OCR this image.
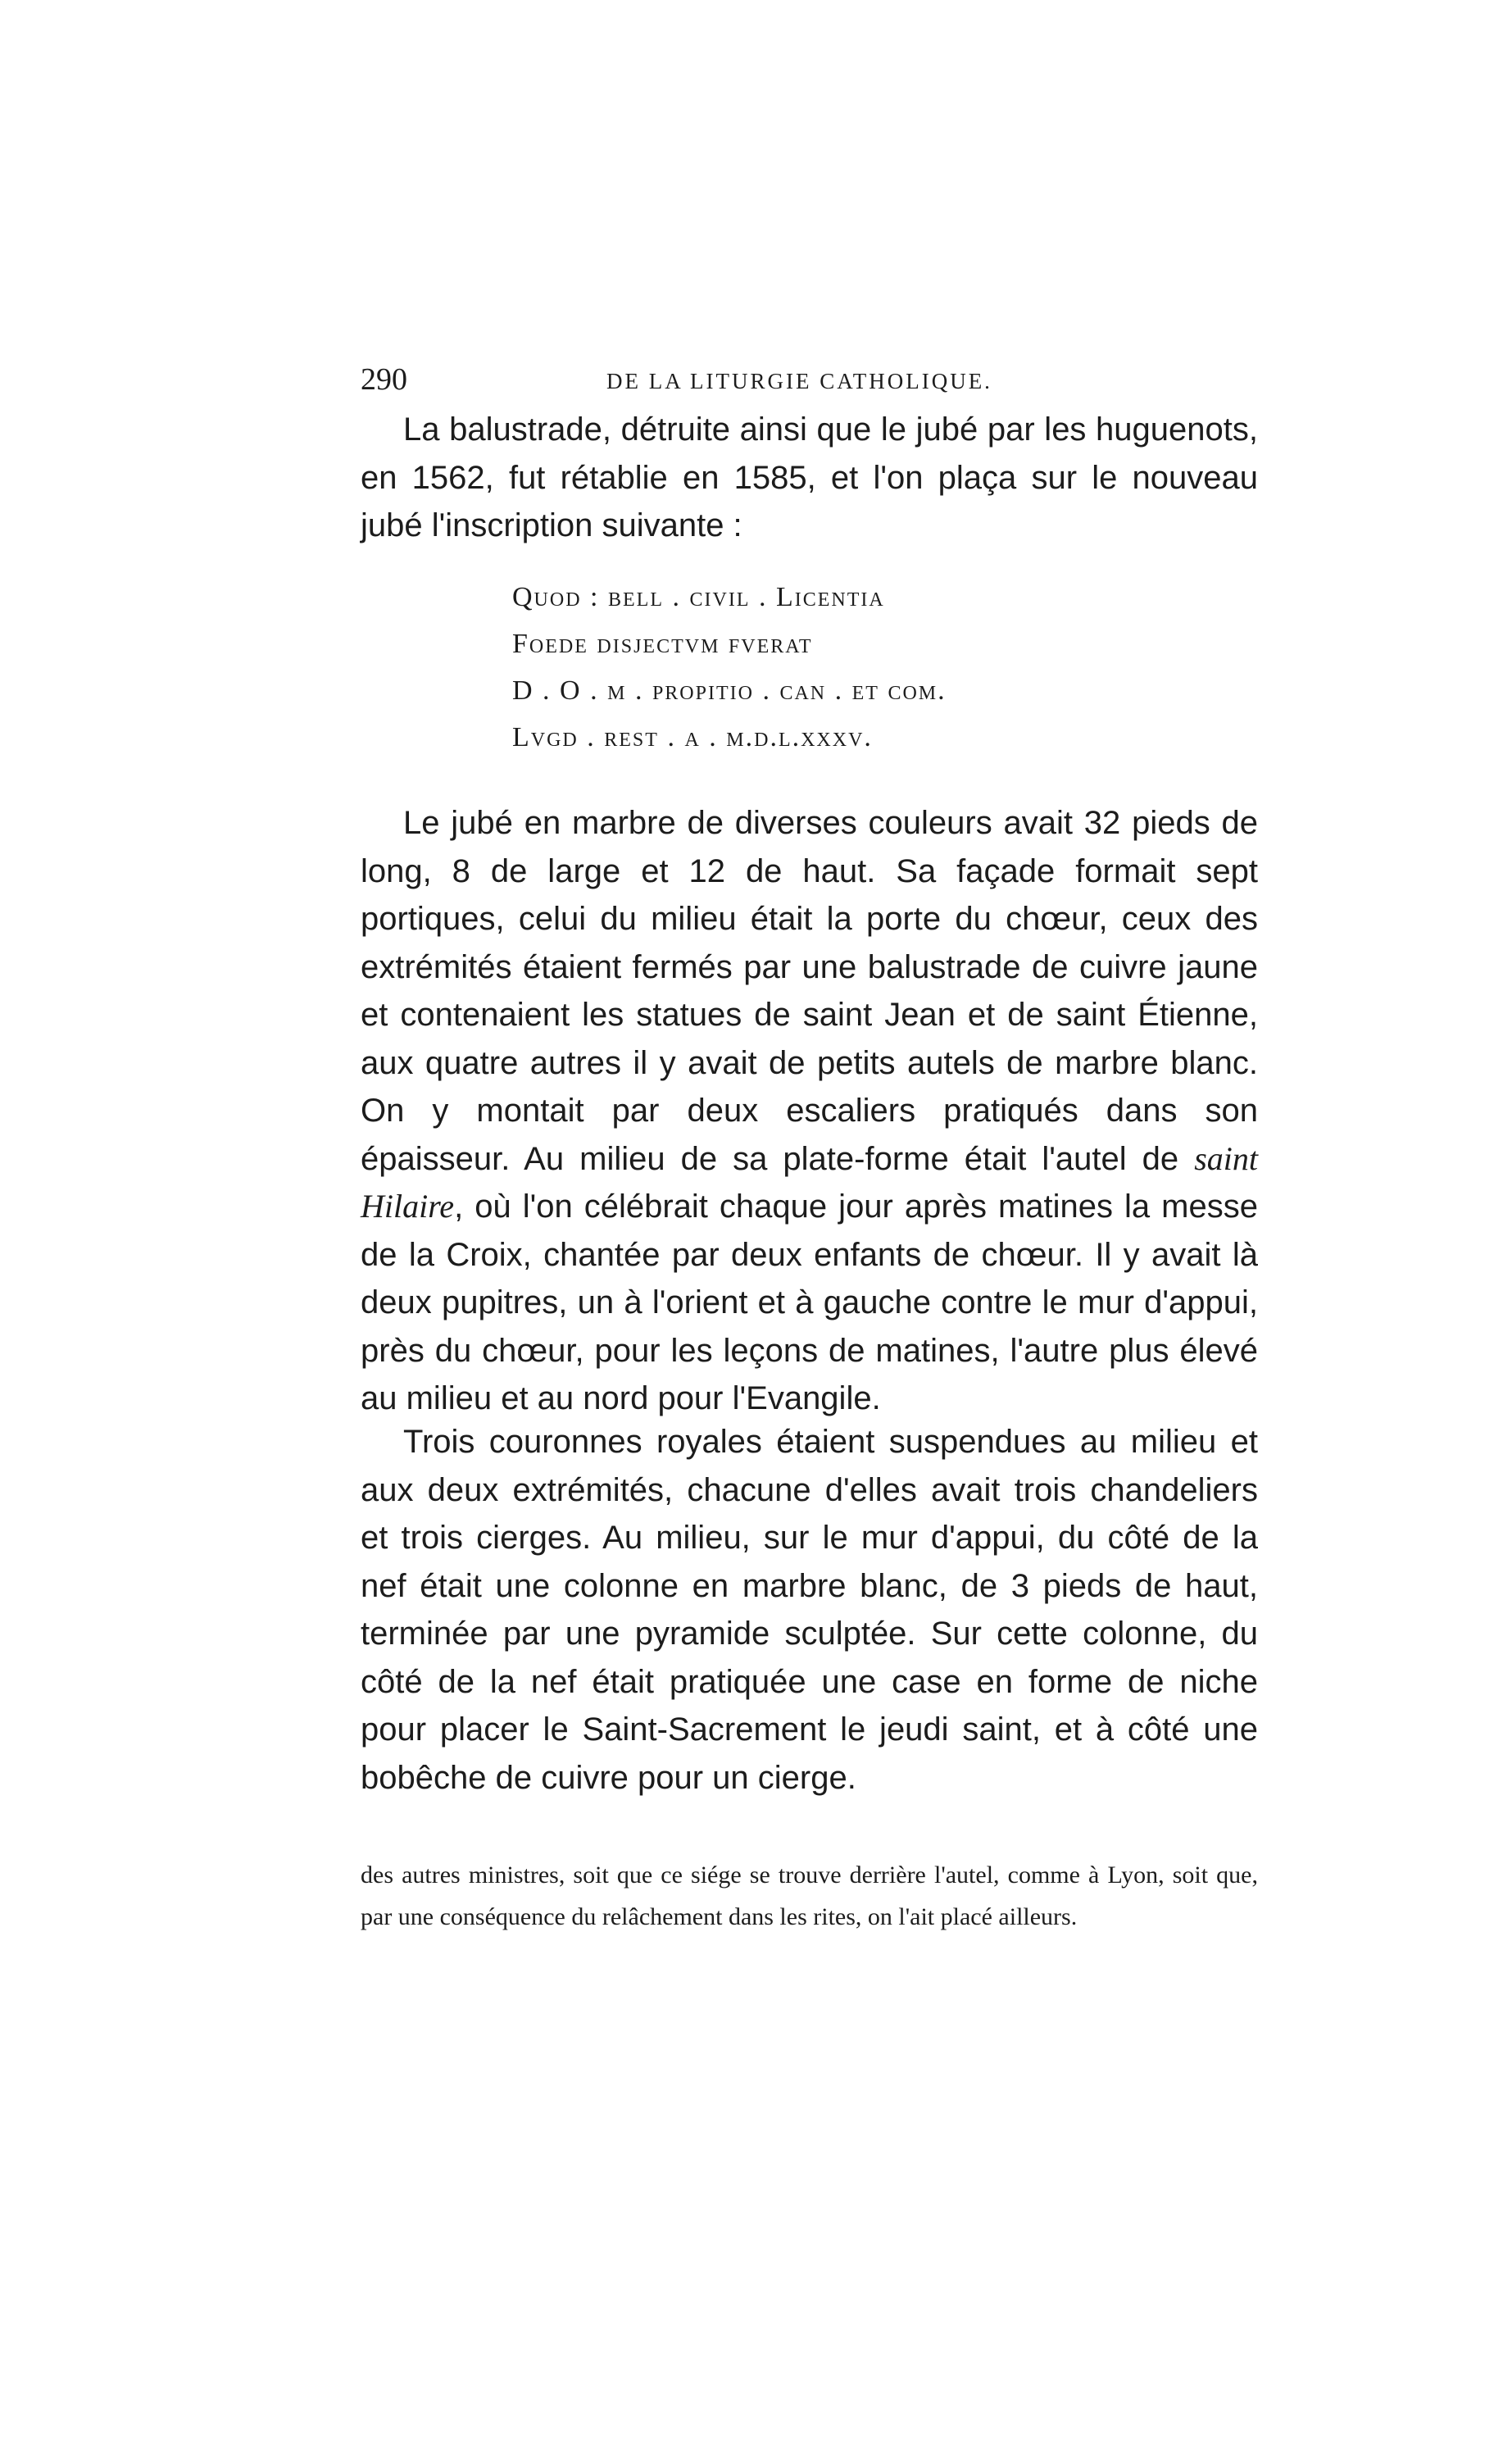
290	DE LA LITURGIE CATHOLIQUE.

La balustrade, détruite ainsi que le jubé par les huguenots, en 1562, fut rétablie en 1585, et l'on plaça sur le nouveau jubé l'inscription suivante :

Quod : bell . civil . Licentia
Foede disjectvm fverat
D . O . m . propitio . can . et com.
Lvgd . rest . a . m.d.l.xxxv.

Le jubé en marbre de diverses couleurs avait 32 pieds de long, 8 de large et 12 de haut. Sa façade formait sept portiques, celui du milieu était la porte du chœur, ceux des extrémités étaient fermés par une balustrade de cuivre jaune et contenaient les statues de saint Jean et de saint Étienne, aux quatre autres il y avait de petits autels de marbre blanc. On y montait par deux escaliers pratiqués dans son épaisseur. Au milieu de sa plate-forme était l'autel de saint Hilaire, où l'on célébrait chaque jour après matines la messe de la Croix, chantée par deux enfants de chœur. Il y avait là deux pupitres, un à l'orient et à gauche contre le mur d'appui, près du chœur, pour les leçons de matines, l'autre plus élevé au milieu et au nord pour l'Evangile.

Trois couronnes royales étaient suspendues au milieu et aux deux extrémités, chacune d'elles avait trois chandeliers et trois cierges. Au milieu, sur le mur d'appui, du côté de la nef était une colonne en marbre blanc, de 3 pieds de haut, terminée par une pyramide sculptée. Sur cette colonne, du côté de la nef était pratiquée une case en forme de niche pour placer le Saint-Sacrement le jeudi saint, et à côté une bobêche de cuivre pour un cierge.

des autres ministres, soit que ce siége se trouve derrière l'autel, comme à Lyon, soit que, par une conséquence du relâchement dans les rites, on l'ait placé ailleurs.
